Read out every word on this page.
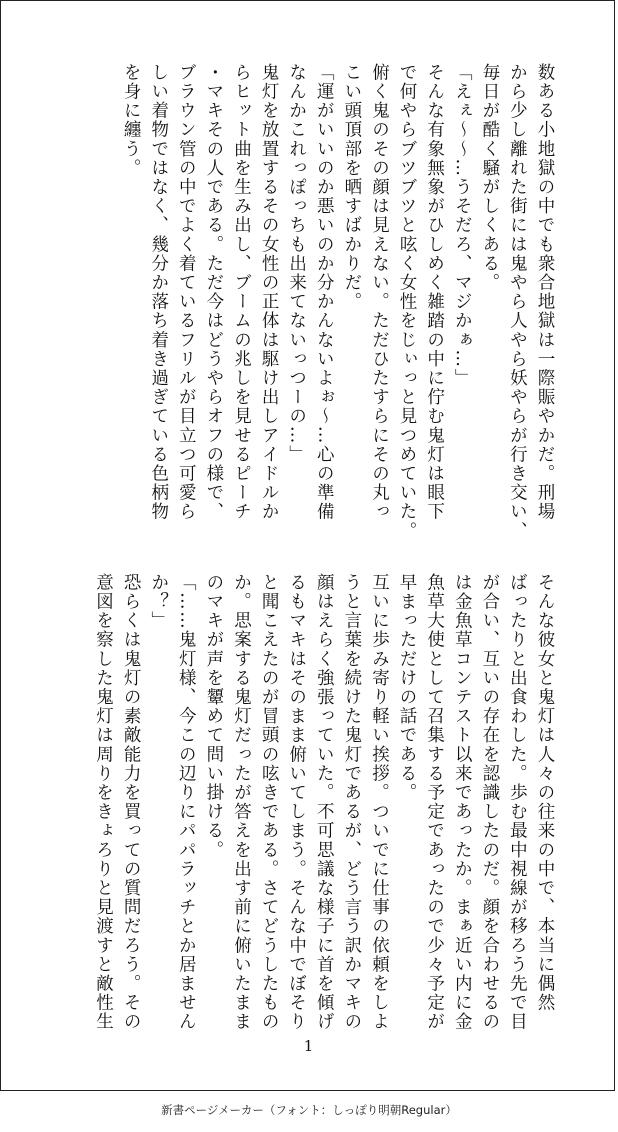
数ある小地獄の中でも衆合地獄は一際賑やかだ。刑場
から少し離れた街には鬼やら人やら妖やらが行き交い、
毎日が酷く騒がしくある。
「えぇ〜〜…うそだろ、マジかぁ…」
そんな有象無象がひしめく雑踏の中に佇む鬼灯は眼下
で何やらブツブツと呟く女性をじぃっと見つめていた。
俯く鬼のその顔は見えない。ただひたすらにその丸っ
こい頭頂部を晒すばかりだ。
「運がいいのか悪いのか分かんないよぉ〜…心の準備
なんかこれっぽっちも出来てないっつーの…」
鬼灯を放置するその女性の正体は駆け出しアイドルか
らヒット曲を生み出し、ブームの兆しを見せるピーチ
・マキその人である。ただ今はどうやらオフの様で、
ブラウン管の中でよく着ているフリルが目立つ可愛ら
しい着物ではなく、幾分か落ち着き過ぎている色柄物
を身に纏う。
そんな彼女と鬼灯は人々の往来の中で、本当に偶然
ばったりと出食わした。歩む最中視線が移ろう先で目
が合い、互いの存在を認識したのだ。顔を合わせるの
は金魚草コンテスト以来であったか。まぁ近い内に金
魚草大使として召集する予定であったので少々予定が
早まっただけの話である。
互いに歩み寄り軽い挨拶。ついでに仕事の依頼をしよ
うと言葉を続けた鬼灯であるが、どう言う訳かマキの
顔はえらく強張っていた。不可思議な様子に首を傾げ
るもマキはそのまま俯いてしまう。そんな中でぼそり
と聞こえたのが冒頭の呟きである。さてどうしたもの
か。思案する鬼灯だったが答えを出す前に俯いたまま
のマキが声を顰めて問い掛ける。
「……鬼灯様、今この辺りにパパラッチとか居ません
か？」
恐らくは鬼灯の素敵能力を買っての質問だろう。その
意図を察した鬼灯は周りをきょろりと見渡すと敵性生
1
新書ページメーカー（フォント：しっぽり明朝Regular）
